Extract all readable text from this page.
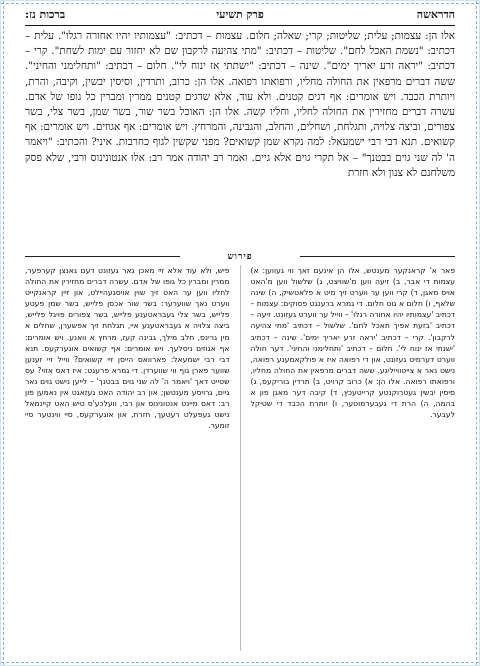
הדראשה
פרק תשיעי
ברכות נז:
אלו הן: עצמות; עלית; שליטות; קרי; שאלה; חלום. עצמות – דכתיב: "עצמותיו יהיו אחורה רגלו". עלית – דכתיב: "נשמת האכל לחם". שליטות – דכתיב: "מתי צהיעה לרקבון שם לא יחזור עם ימות לשחת". קרי – דכתיב: "יראה זרע יאריך ימים". שינה – דכתיב: "ישתתי אז ינוח לי". חלום – דכתיב: "ותחלימני והחיני". ששה דברים מרפאין את החולה מחליו, ורפואתו רפואה. אלו הן: כרוב, ותרדין, וסיסין יבשין, וקיבה, והרת, ויותרת הכבד. ויש אומרים: אף דגים קטנים. ולא עוד, אלא שדגים קטנים ממרין ומברין כל גופו של אדם. עשרה דברים מחזירין את החולה לחליו, וחליו קשה. אלו הן: האוכל בשר שור, בשר שמן, בשר צלי, בשר צפורים, וביצה צלויה, ותגלחת, ושחלים, והחלב, והגבינה, והמרחץ. ויש אומרים: אף אגוזים. ויש אומרים: אף קשואים. תנא דבי רבי ישמעאל: למה נקרא שמן קשואים? מפני שקשין לגוף כחרבות. איני? והכתיב: "ויאמר ה' לה שני גוים בבטנך" – אל תקרי גוים אלא גיים. ואמר רב יהודה אמר רב: אלו אנטונינוס ורבי, שלא פסק משלחנם לא צנון ולא חזרת
פירוש
פאר א' קראנקער מענטש, אלו הן אינעם זאך ווי געווען: א) עצמות די אבר, ב) זיעה ווען מ'שוויצט, ג) שלשול ווען מ'האט אויס מאגן, ד) קרי ווען ער ווערט זיך מיט א פלאטשיק, ה) שינה שלאף, ו) חלום א גוט חלום. די גמרא ברענגט פסוקים: עצמות – דכתיב 'עצמותיו יהיו אחורה רגלו' – ווייל ער ווערט געזונט. זיעה – דכתיב 'בזעת אפיך תאכל לחם'. שלשול – דכתיב 'מתי צהיעה לרקבון'. קרי – דכתיב 'יראה זרע יאריך ימים'. שינה – דכתיב 'ישנתי אז ינוח לי'. חלום – דכתיב 'ותחלימני והחיני'. דער חולה ווערט דערמיט געזונט, און די רפואה איז א פולקאמענע רפואה, נישט נאר א צייטווייליגע. ששה דברים מרפאין את החולה מחליו, ורפואתו רפואה. אלו הן: א) כרוב קרויט, ב) תרדין בוריקעס, ג) סיסין יבשין געטרוקנטע קרייטעכץ, ד) קיבה דער מאגן פון א בהמה, ה) הרת די געבערמוטער, ו) יותרת הכבד די שטיקל לעבער.
פיש, ולא עוד אלא זיי מאכן גאר געזונט דעם גאנצן קערפער, ממרין ומברין כל גופו של אדם. עשרה דברים מחזירין את החולה לחליו ווען ער האט זיך שוין אויסגעהיילט, און זיין קראנקייט ווערט נאך שווערער: בשר שור אכסן פלייש, בשר שמן פעטע פלייש, בשר צלי געבראטענע פלייש, בשר צפורים פויגל פלייש, ביצה צלויה א געבראטענע איי, תגלחת זיך אפשערן, שחלים א מין גרינס, חלב מילך, גבינה קעז, מרחץ א וואנע. ויש אומרים: אף אגוזים ניסלעך. ויש אומרים: אף קשואים אוגערקעס. תנא דבי רבי ישמעאל: פארוואס הייסן זיי קשואים? ווייל זיי זענען שווער פארן גוף ווי שווערדן. די גמרא פרעגט: איז דאס אזוי? עס שטייט דאך 'ויאמר ה' לה שני גוים בבטנך' – לייען נישט גוים נאר גיים, גרויסע מענטשן; און רב יהודה האט געזאגט אין נאמען פון רב: דאס מיינט אנטונינוס און רבי, וועלכע'ס טיש האט קיינמאל נישט געפעלט רעטעך, חזרת, און אוגערקעס, סיי ווינטער סיי זומער.
